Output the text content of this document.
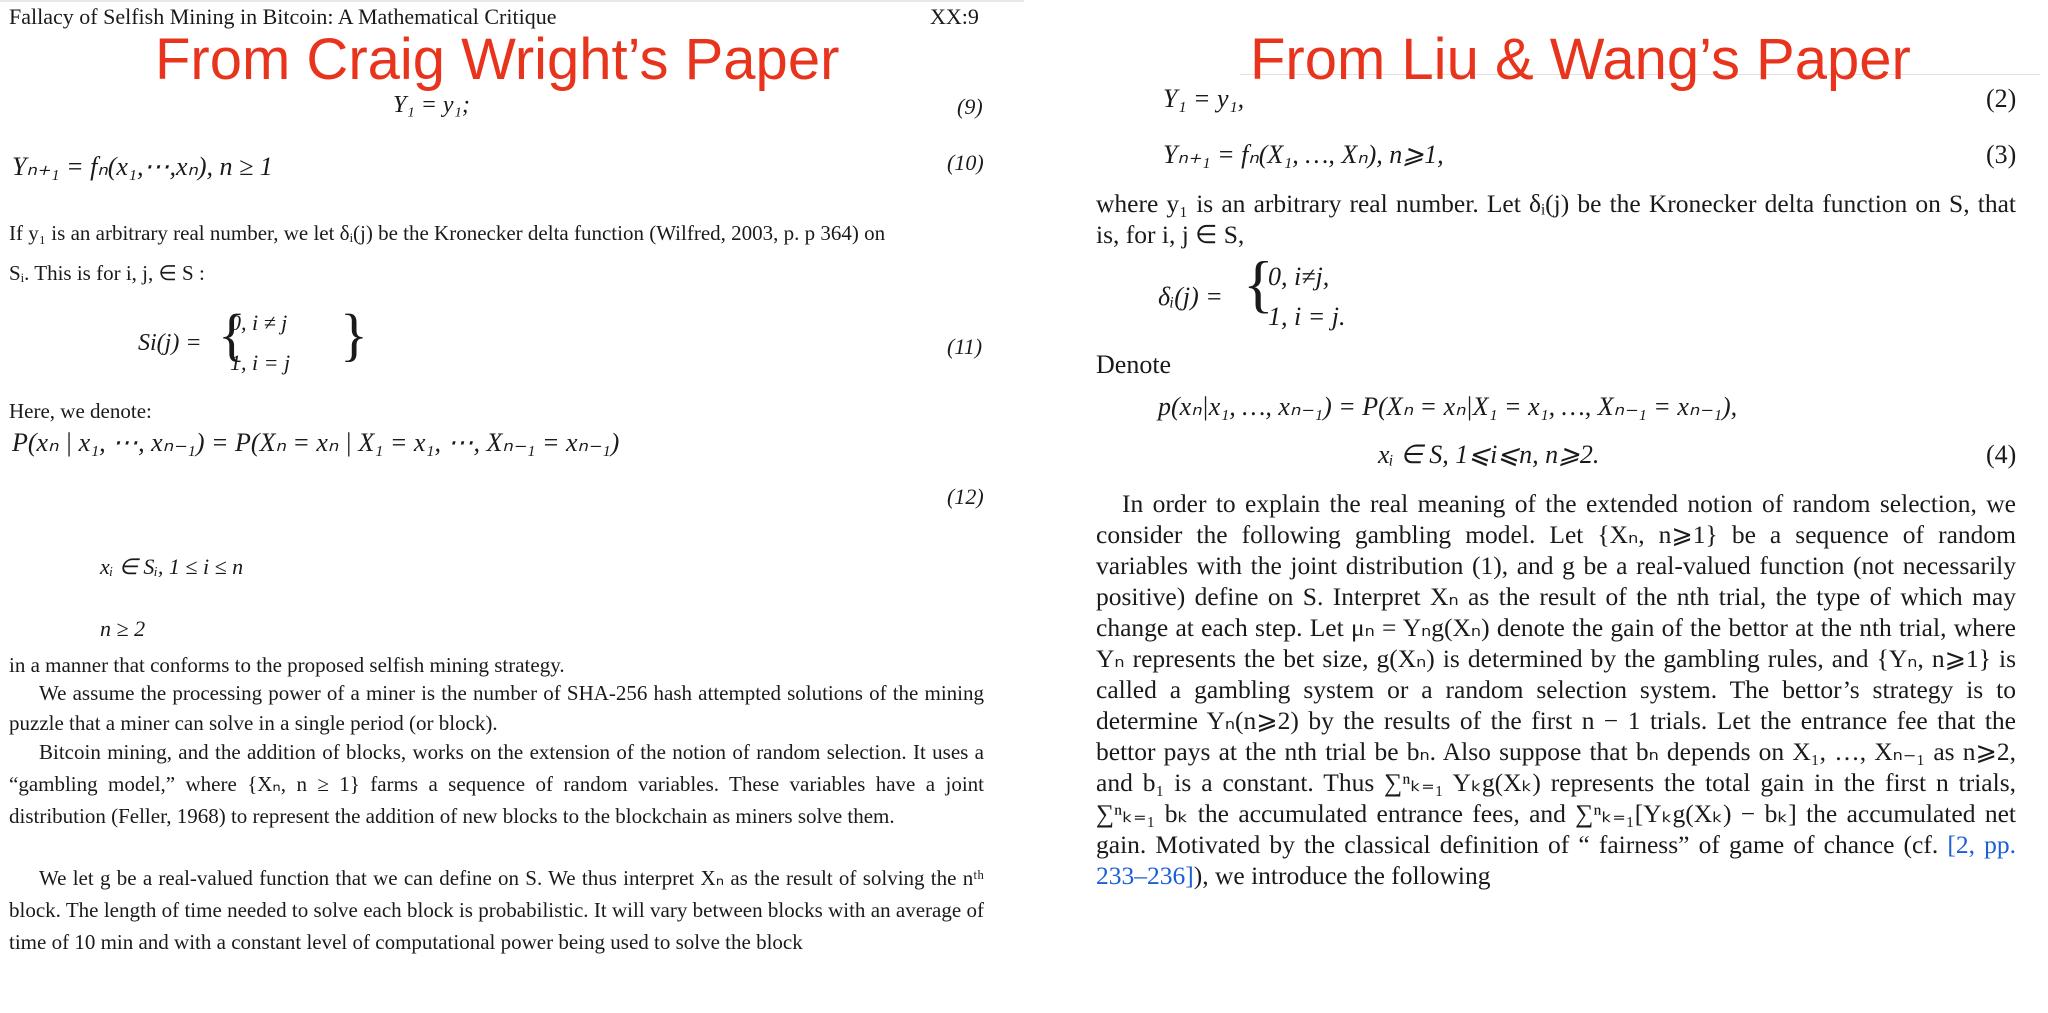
Fallacy of Selfish Mining in Bitcoin: A Mathematical Critique	XX:9
From Craig Wright’s Paper
Y₁ = y₁;	(9)
Yₙ₊₁ = fₙ(x₁,⋯,xₙ), n ≥ 1	(10)
If y₁ is an arbitrary real number, we let δᵢ(j) be the Kronecker delta function (Wilfred, 2003, p. p 364) on
Sᵢ. This is for i, j, ∈ S :
Si(j) = {
0, i ≠ j
1, i = j }	(11)
Here, we denote:
P(xₙ | x₁, ⋯, xₙ₋₁) = P(Xₙ = xₙ | X₁ = x₁, ⋯, Xₙ₋₁ = xₙ₋₁)
(12)
xᵢ ∈ Sᵢ, 1 ≤ i ≤ n
n ≥ 2
in a manner that conforms to the proposed selfish mining strategy.
We assume the processing power of a miner is the number of SHA-256 hash attempted solutions of the mining puzzle that a miner can solve in a single period (or block).
Bitcoin mining, and the addition of blocks, works on the extension of the notion of random selection. It uses a “gambling model,” where {Xₙ, n ≥ 1} farms a sequence of random variables. These variables have a joint distribution (Feller, 1968) to represent the addition of new blocks to the blockchain as miners solve them.
We let g be a real-valued function that we can define on S. We thus interpret Xₙ as the result of solving the nᵗʰ block. The length of time needed to solve each block is probabilistic. It will vary between blocks with an average of time of 10 min and with a constant level of computational power being used to solve the block
From Liu & Wang’s Paper
Y₁ = y₁,	(2)
Yₙ₊₁ = fₙ(X₁, …, Xₙ), n⩾1,	(3)
where y₁ is an arbitrary real number. Let δᵢ(j) be the Kronecker delta function on S, that is, for i, j ∈ S,
δᵢ(j) = {
0, i≠j,
1, i = j.
Denote
p(xₙ|x₁, …, xₙ₋₁) = P(Xₙ = xₙ|X₁ = x₁, …, Xₙ₋₁ = xₙ₋₁),
xᵢ ∈ S, 1⩽i⩽n, n⩾2.	(4)
In order to explain the real meaning of the extended notion of random selection, we consider the following gambling model. Let {Xₙ, n⩾1} be a sequence of random variables with the joint distribution (1), and g be a real-valued function (not necessarily positive) define on S. Interpret Xₙ as the result of the nth trial, the type of which may change at each step. Let μₙ = Yₙg(Xₙ) denote the gain of the bettor at the nth trial, where Yₙ represents the bet size, g(Xₙ) is determined by the gambling rules, and {Yₙ, n⩾1} is called a gambling system or a random selection system. The bettor’s strategy is to determine Yₙ(n⩾2) by the results of the first n − 1 trials. Let the entrance fee that the bettor pays at the nth trial be bₙ. Also suppose that bₙ depends on X₁, …, Xₙ₋₁ as n⩾2, and b₁ is a constant. Thus ∑ⁿₖ₌₁ Yₖg(Xₖ) represents the total gain in the first n trials, ∑ⁿₖ₌₁ bₖ the accumulated entrance fees, and ∑ⁿₖ₌₁[Yₖg(Xₖ) − bₖ] the accumulated net gain. Motivated by the classical definition of “ fairness” of game of chance (cf. [2, pp. 233–236]), we introduce the following
